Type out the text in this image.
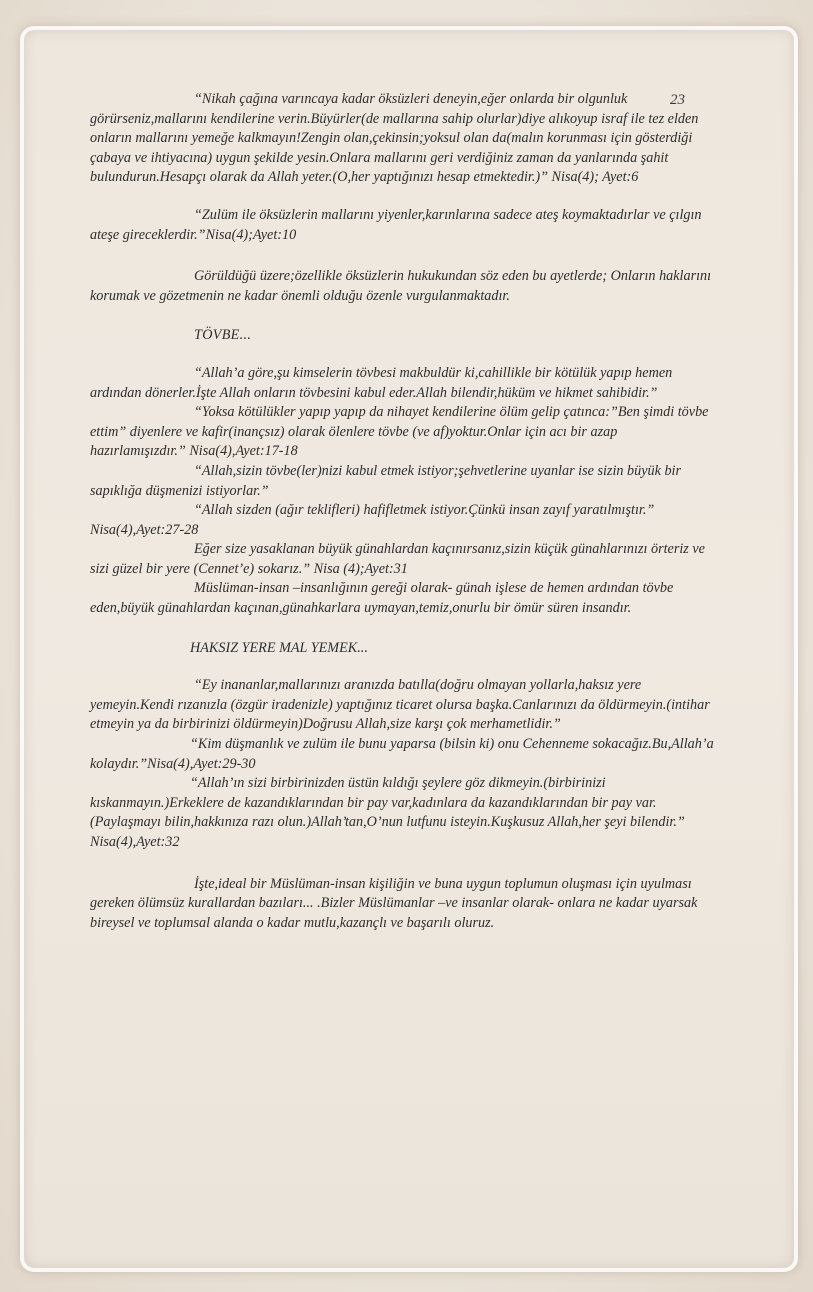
23

“Nikah çağına varıncaya kadar öksüzleri deneyin,eğer onlarda bir olgunluk görürseniz,mallarını kendilerine verin.Büyürler(de mallarına sahip olurlar)diye alıkoyup israf ile tez elden onların mallarını yemeğe kalkmayın!Zengin olan,çekinsin;yoksul olan da(malın korunması için gösterdiği çabaya ve ihtiyacına) uygun şekilde yesin.Onlara mallarını geri verdiğiniz zaman da yanlarında şahit bulundurun.Hesapçı olarak da Allah yeter.(O,her yaptığınızı hesap etmektedir.)” Nisa(4); Ayet:6

“Zulüm ile öksüzlerin mallarını yiyenler,karınlarına sadece ateş koymaktadırlar ve çılgın ateşe gireceklerdir.”Nisa(4);Ayet:10

Görüldüğü üzere;özellikle öksüzlerin hukukundan söz eden bu ayetlerde; Onların haklarını korumak ve gözetmenin ne kadar önemli olduğu özenle vurgulanmaktadır.

TÖVBE...

“Allah’a göre,şu kimselerin tövbesi makbuldür ki,cahillikle bir kötülük yapıp hemen ardından dönerler.İşte Allah onların tövbesini kabul eder.Allah bilendir,hüküm ve hikmet sahibidir.”

“Yoksa kötülükler yapıp yapıp da nihayet kendilerine ölüm gelip çatınca:”Ben şimdi tövbe ettim” diyenlere ve kafir(inançsız) olarak ölenlere tövbe (ve af)yoktur.Onlar için acı bir azap hazırlamışızdır.” Nisa(4),Ayet:17-18

“Allah,sizin tövbe(ler)nizi kabul etmek istiyor;şehvetlerine uyanlar ise sizin büyük bir sapıklığa düşmenizi istiyorlar.”

“Allah sizden (ağır teklifleri) hafifletmek istiyor.Çünkü insan zayıf yaratılmıştır.” Nisa(4),Ayet:27-28

Eğer size yasaklanan büyük günahlardan kaçınırsanız,sizin küçük günahlarınızı örteriz ve sizi güzel bir yere (Cennet’e) sokarız.” Nisa (4);Ayet:31

Müslüman-insan –insanlığının gereği olarak- günah işlese de hemen ardından tövbe eden,büyük günahlardan kaçınan,günahkarlara uymayan,temiz,onurlu bir ömür süren insandır.

HAKSIZ YERE MAL YEMEK...

“Ey inananlar,mallarınızı aranızda batılla(doğru olmayan yollarla,haksız yere yemeyin.Kendi rızanızla (özgür iradenizle) yaptığınız ticaret olursa başka.Canlarınızı da öldürmeyin.(intihar etmeyin ya da birbirinizi öldürmeyin)Doğrusu Allah,size karşı çok merhametlidir.”

“Kim düşmanlık ve zulüm ile bunu yaparsa (bilsin ki) onu Cehenneme sokacağız.Bu,Allah’a kolaydır.”Nisa(4),Ayet:29-30

“Allah’ın sizi birbirinizden üstün kıldığı şeylere göz dikmeyin.(birbirinizi kıskanmayın.)Erkeklere de kazandıklarından bir pay var,kadınlara da kazandıklarından bir pay var.(Paylaşmayı bilin,hakkınıza razı olun.)Allah’tan,O’nun lutfunu isteyin.Kuşkusuz Allah,her şeyi bilendir.” Nisa(4),Ayet:32

İşte,ideal bir Müslüman-insan kişiliğin ve buna uygun toplumun oluşması için uyulması gereken ölümsüz kurallardan bazıları... .Bizler Müslümanlar –ve insanlar olarak- onlara ne kadar uyarsak bireysel ve toplumsal alanda o kadar mutlu,kazançlı ve başarılı oluruz.
